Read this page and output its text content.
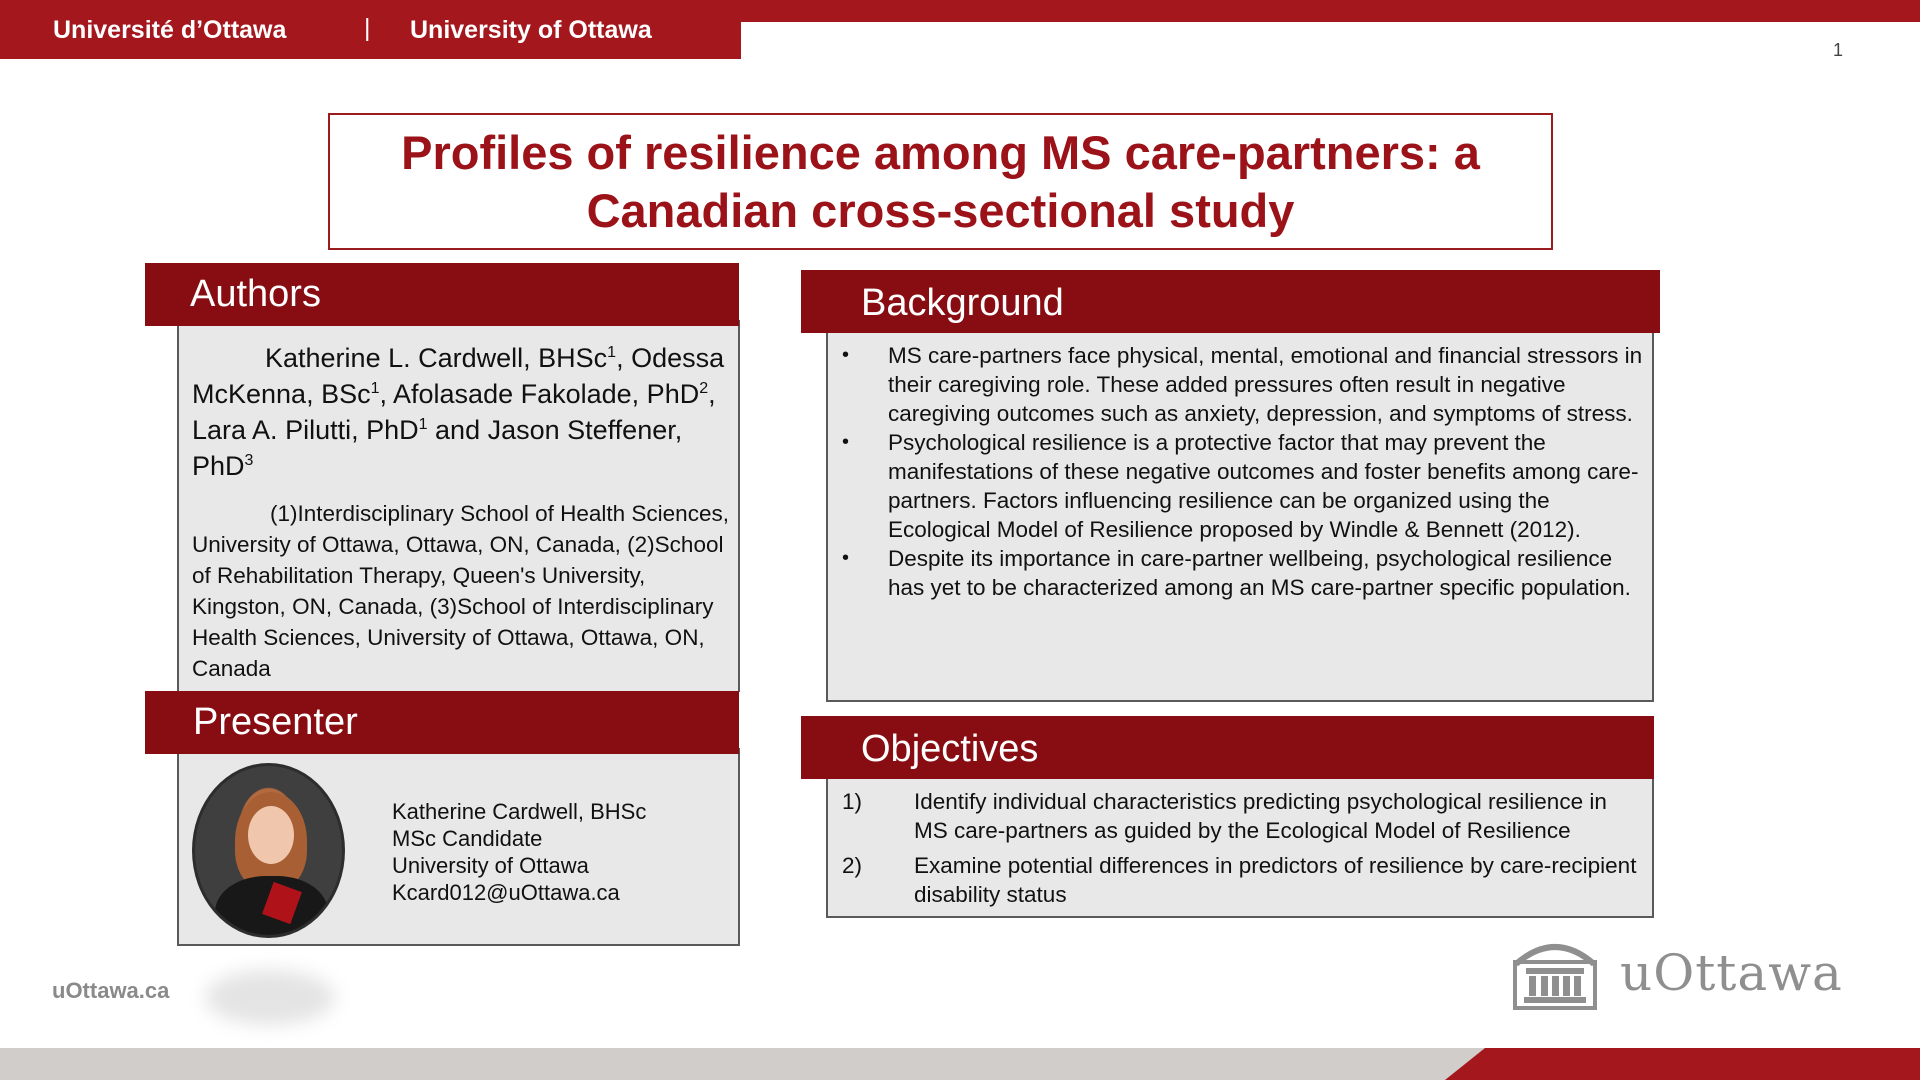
Université d’Ottawa	| University of Ottawa
1
Profiles of resilience among MS care-partners: a Canadian cross-sectional study
Katherine L. Cardwell, BHSc$^1$, Odessa McKenna, BSc$^1$, Afolasade Fakolade, PhD$^2$, Lara A. Pilutti, PhD$^1$ and Jason Steffener, PhD$^3$
(1)Interdisciplinary School of Health Sciences, University of Ottawa, Ottawa, ON, Canada, (2)School of Rehabilitation Therapy, Queen's University, Kingston, ON, Canada, (3)School of Interdisciplinary Health Sciences, University of Ottawa, Ottawa, ON, Canada
Authors
Katherine Cardwell, BHSc
MSc Candidate
University of Ottawa
Kcard012@uOttawa.ca
Presenter
• MS care-partners face physical, mental, emotional and financial stressors in their caregiving role. These added pressures often result in negative caregiving outcomes such as anxiety, depression, and symptoms of stress.
• Psychological resilience is a protective factor that may prevent the manifestations of these negative outcomes and foster benefits among care-partners. Factors influencing resilience can be organized using the Ecological Model of Resilience proposed by Windle & Bennett (2012).
• Despite its importance in care-partner wellbeing, psychological resilience has yet to be characterized among an MS care-partner specific population.
Background
1) Identify individual characteristics predicting psychological resilience in MS care-partners as guided by the Ecological Model of Resilience
2) Examine potential differences in predictors of resilience by care-recipient disability status
Objectives
uOttawa.ca	uOttawa
